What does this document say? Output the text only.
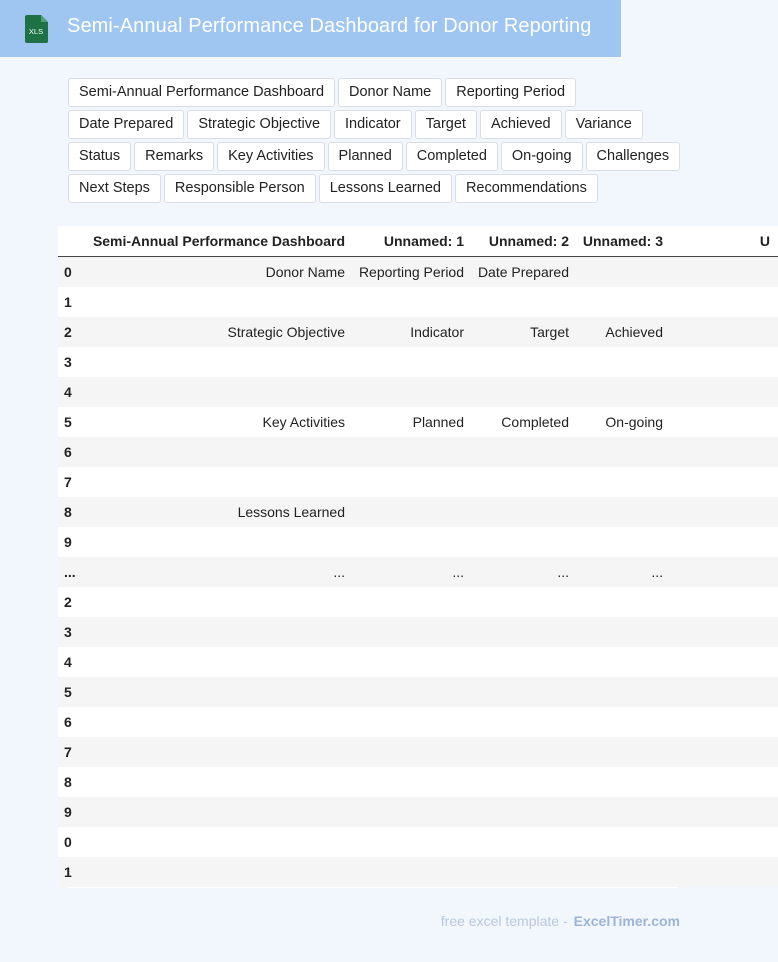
XLS Semi-Annual Performance Dashboard for Donor Reporting
Semi-Annual Performance Dashboard	Donor Name	Reporting Period
Date Prepared	Strategic Objective	Indicator	Target	Achieved	Variance
Status	Remarks	Key Activities	Planned	Completed	On-going	Challenges
Next Steps	Responsible Person	Lessons Learned	Recommendations
	Semi-Annual Performance Dashboard	Unnamed: 1	Unnamed: 2	Unnamed: 3	U
0	Donor Name	Reporting Period	Date Prepared		
1					
2	Strategic Objective	Indicator	Target	Achieved	
3					
4					
5	Key Activities	Planned	Completed	On-going	
6					
7					
8	Lessons Learned				
9					
...	...	...	...	...	
2					
3					
4					
5					
6					
7					
8					
9					
0					
1					
free excel template - ExcelTimer.com
